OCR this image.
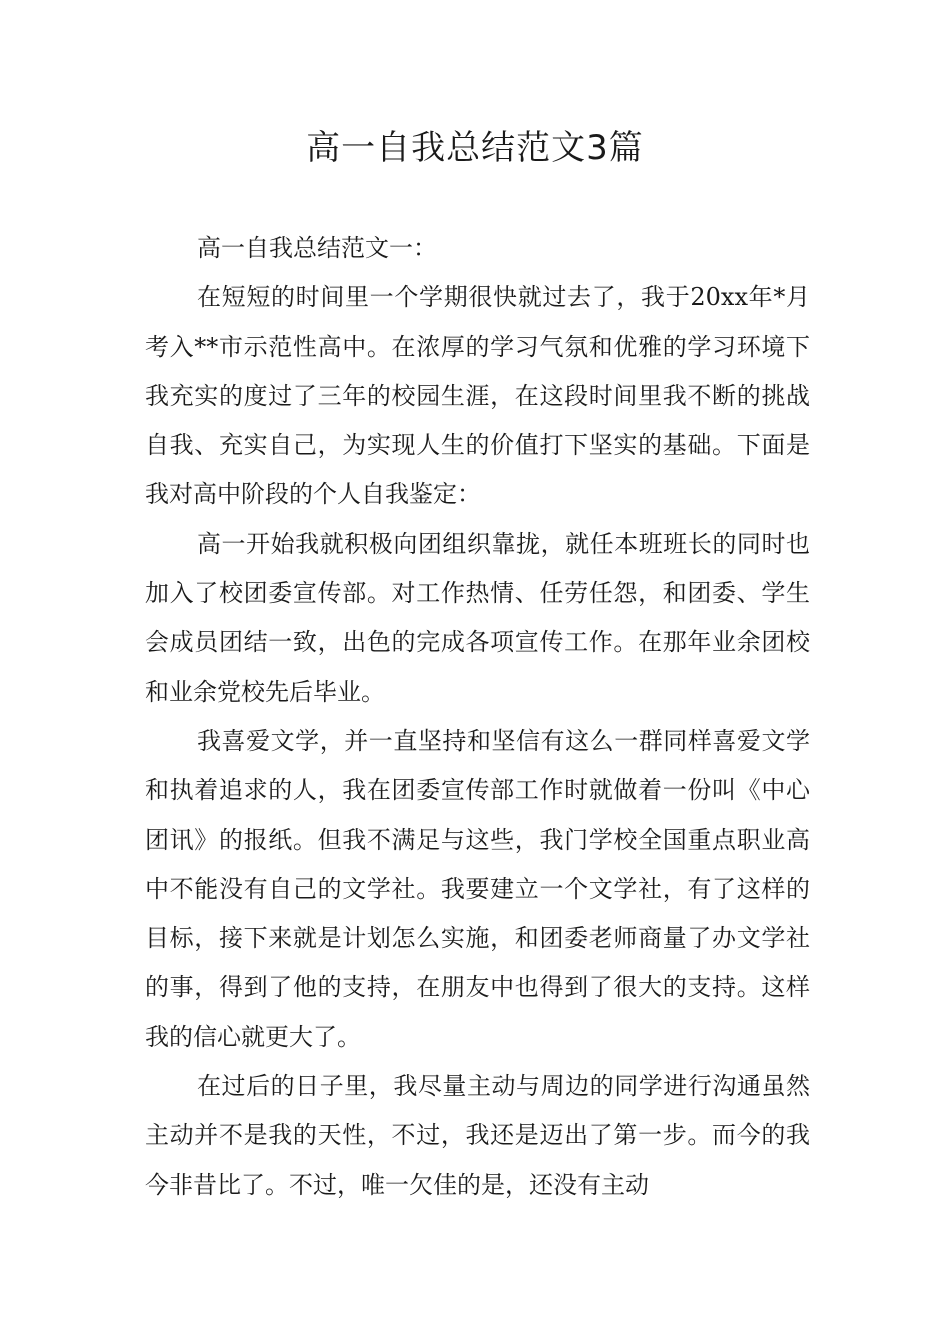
高一自我总结范文3篇

高一自我总结范文一：

在短短的时间里一个学期很快就过去了，我于20xx年*月考入**市示范性高中。在浓厚的学习气氛和优雅的学习环境下我充实的度过了三年的校园生涯，在这段时间里我不断的挑战自我、充实自己，为实现人生的价值打下坚实的基础。下面是我对高中阶段的个人自我鉴定：

高一开始我就积极向团组织靠拢，就任本班班长的同时也加入了校团委宣传部。对工作热情、任劳任怨，和团委、学生会成员团结一致，出色的完成各项宣传工作。在那年业余团校和业余党校先后毕业。

我喜爱文学，并一直坚持和坚信有这么一群同样喜爱文学和执着追求的人，我在团委宣传部工作时就做着一份叫《中心团讯》的报纸。但我不满足与这些，我门学校全国重点职业高中不能没有自己的文学社。我要建立一个文学社，有了这样的目标，接下来就是计划怎么实施，和团委老师商量了办文学社的事，得到了他的支持，在朋友中也得到了很大的支持。这样我的信心就更大了。

在过后的日子里，我尽量主动与周边的同学进行沟通虽然主动并不是我的天性，不过，我还是迈出了第一步。而今的我今非昔比了。不过，唯一欠佳的是，还没有主动
